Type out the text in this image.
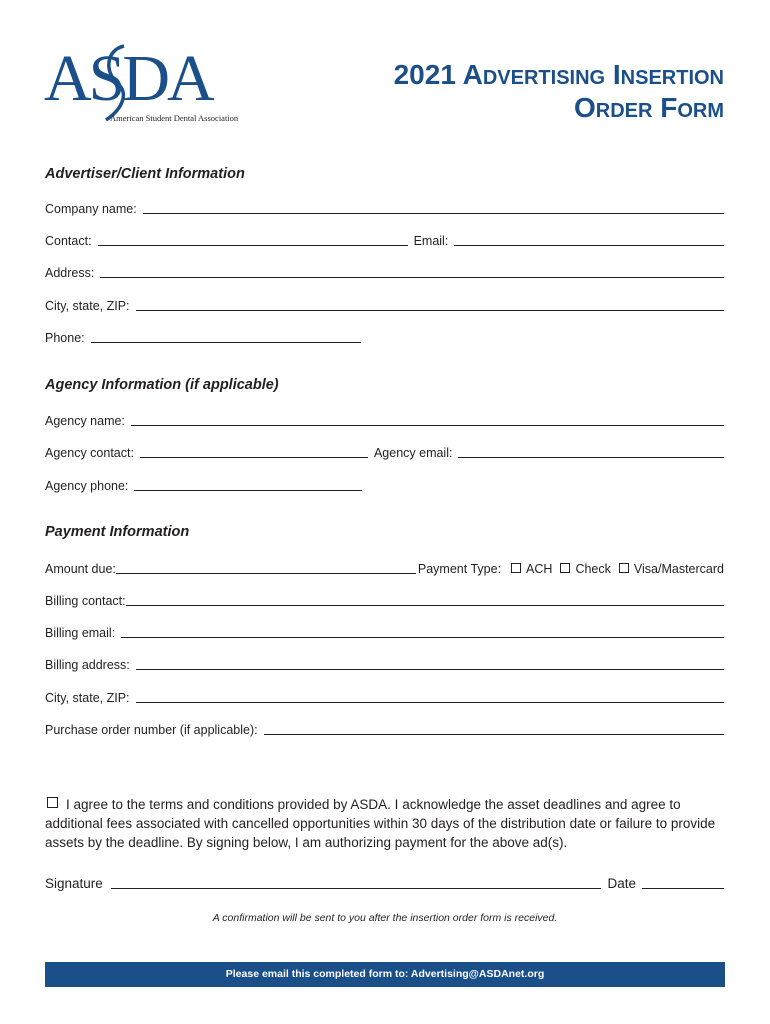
ASDA
American Student Dental Association
2021 Advertising Insertion
Order Form
Advertiser/Client Information
Company name:
Contact:	Email:
Address:
City, state, ZIP:
Phone:
Agency Information (if applicable)
Agency name:
Agency contact:	Agency email:
Agency phone:
Payment Information
Amount due:	Payment Type: ACH Check Visa/Mastercard
Billing contact:
Billing email:
Billing address:
City, state, ZIP:
Purchase order number (if applicable):
I agree to the terms and conditions provided by ASDA. I acknowledge the asset deadlines and agree to additional fees associated with cancelled opportunities within 30 days of the distribution date or failure to provide assets by the deadline. By signing below, I am authorizing payment for the above ad(s).
Signature	Date
A confirmation will be sent to you after the insertion order form is received.
Please email this completed form to: Advertising@ASDAnet.org
